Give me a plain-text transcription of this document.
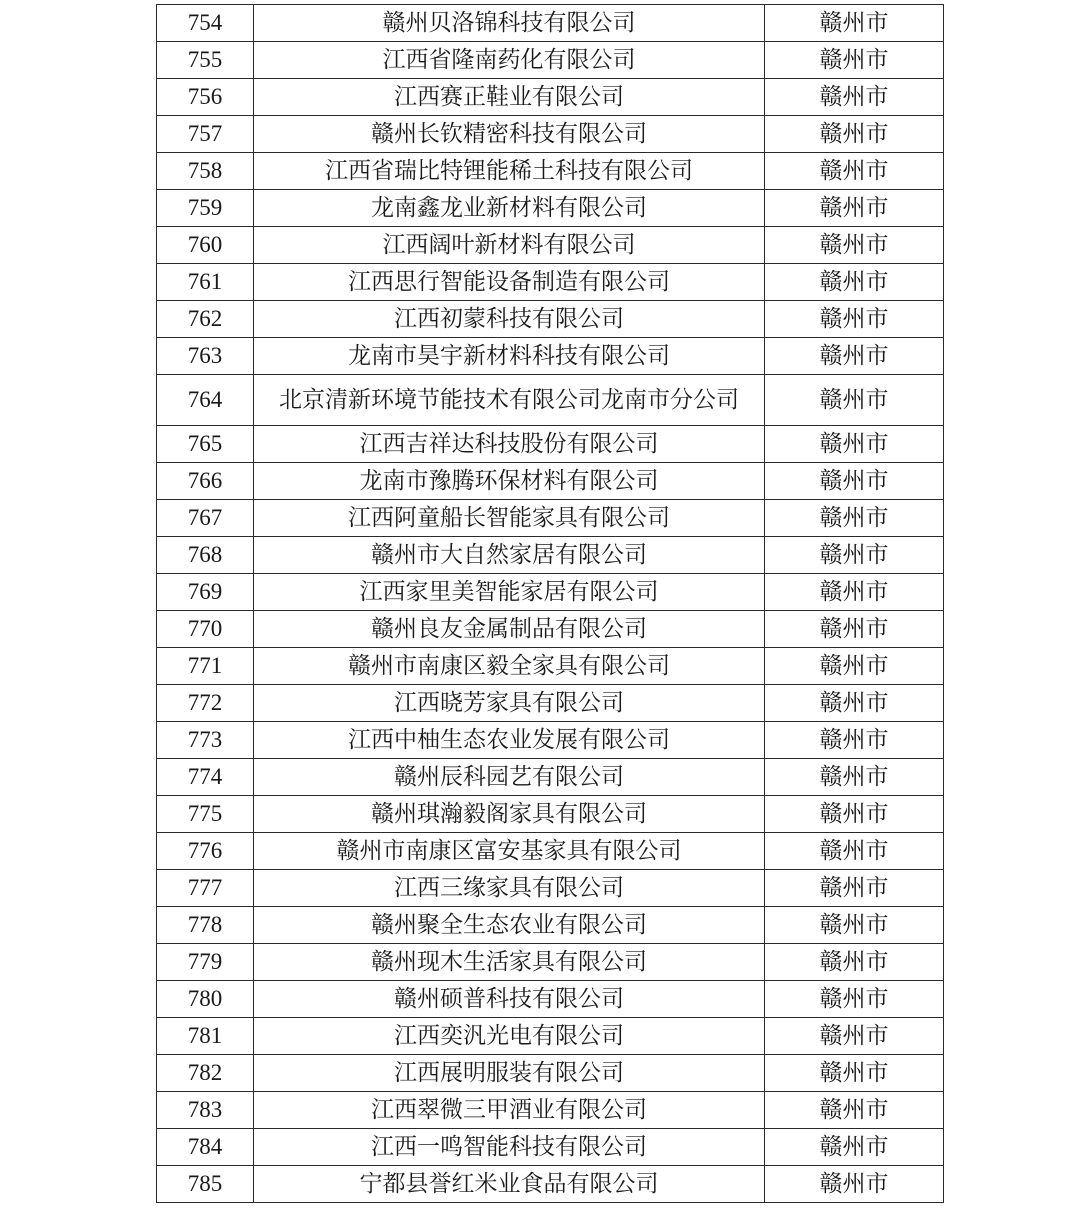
754	赣州贝洛锦科技有限公司	赣州市
755	江西省隆南药化有限公司	赣州市
756	江西赛正鞋业有限公司	赣州市
757	赣州长钦精密科技有限公司	赣州市
758	江西省瑞比特锂能稀土科技有限公司	赣州市
759	龙南鑫龙业新材料有限公司	赣州市
760	江西阔叶新材料有限公司	赣州市
761	江西思行智能设备制造有限公司	赣州市
762	江西初蒙科技有限公司	赣州市
763	龙南市昊宇新材料科技有限公司	赣州市
764	北京清新环境节能技术有限公司龙南市分公司	赣州市
765	江西吉祥达科技股份有限公司	赣州市
766	龙南市豫腾环保材料有限公司	赣州市
767	江西阿童船长智能家具有限公司	赣州市
768	赣州市大自然家居有限公司	赣州市
769	江西家里美智能家居有限公司	赣州市
770	赣州良友金属制品有限公司	赣州市
771	赣州市南康区毅全家具有限公司	赣州市
772	江西晓芳家具有限公司	赣州市
773	江西中柚生态农业发展有限公司	赣州市
774	赣州辰科园艺有限公司	赣州市
775	赣州琪瀚毅阁家具有限公司	赣州市
776	赣州市南康区富安基家具有限公司	赣州市
777	江西三缘家具有限公司	赣州市
778	赣州聚全生态农业有限公司	赣州市
779	赣州现木生活家具有限公司	赣州市
780	赣州硕普科技有限公司	赣州市
781	江西奕汎光电有限公司	赣州市
782	江西展明服装有限公司	赣州市
783	江西翠微三甲酒业有限公司	赣州市
784	江西一鸣智能科技有限公司	赣州市
785	宁都县誉红米业食品有限公司	赣州市
